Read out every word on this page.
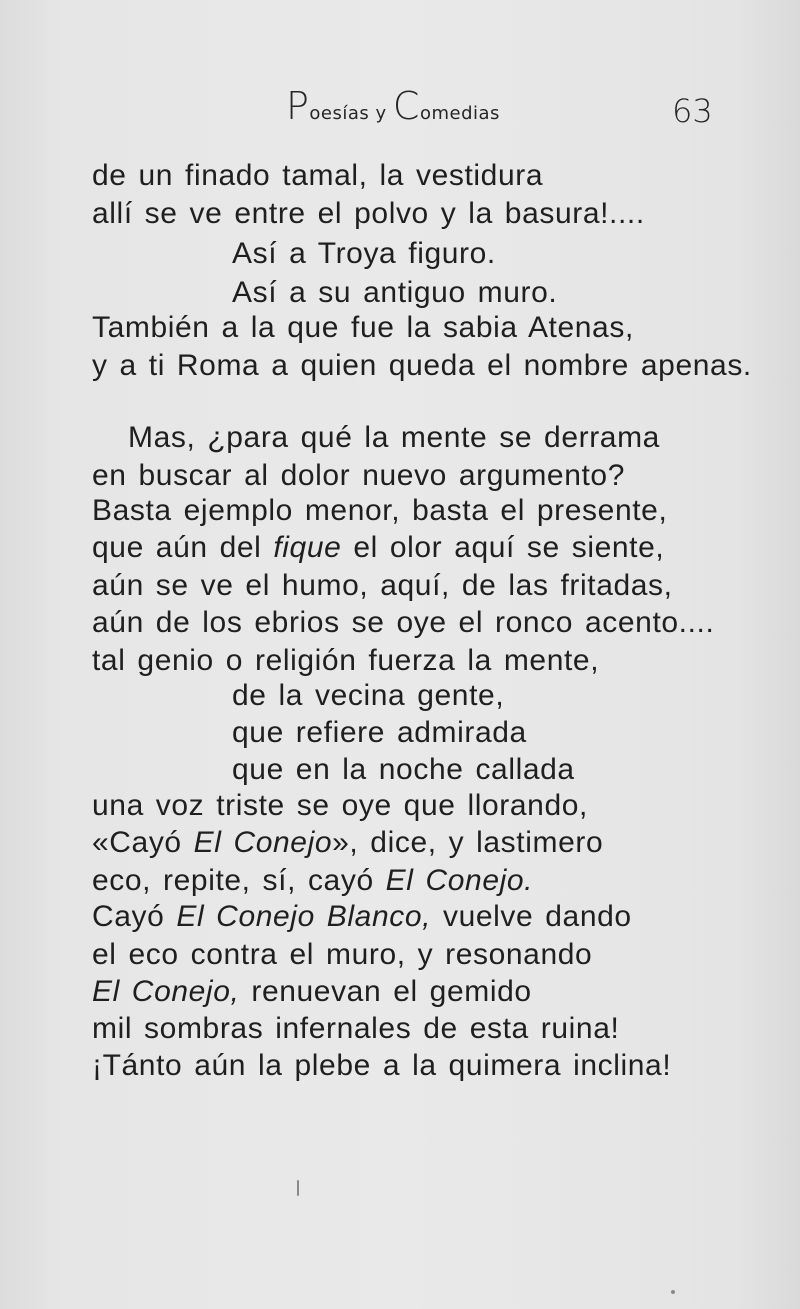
Poesías y Comedias	63
de un finado tamal, la vestidura
allí se ve entre el polvo y la basura!....
Así a Troya figuro.
Así a su antiguo muro.
También a la que fue la sabia Atenas,
y a ti Roma a quien queda el nombre apenas.
Mas, ¿para qué la mente se derrama
en buscar al dolor nuevo argumento?
Basta ejemplo menor, basta el presente,
que aún del fique el olor aquí se siente,
aún se ve el humo, aquí, de las fritadas,
aún de los ebrios se oye el ronco acento....
tal genio o religión fuerza la mente,
de la vecina gente,
que refiere admirada
que en la noche callada
una voz triste se oye que llorando,
«Cayó El Conejo», dice, y lastimero
eco, repite, sí, cayó El Conejo.
Cayó El Conejo Blanco, vuelve dando
el eco contra el muro, y resonando
El Conejo, renuevan el gemido
mil sombras infernales de esta ruina!
¡Tánto aún la plebe a la quimera inclina!
